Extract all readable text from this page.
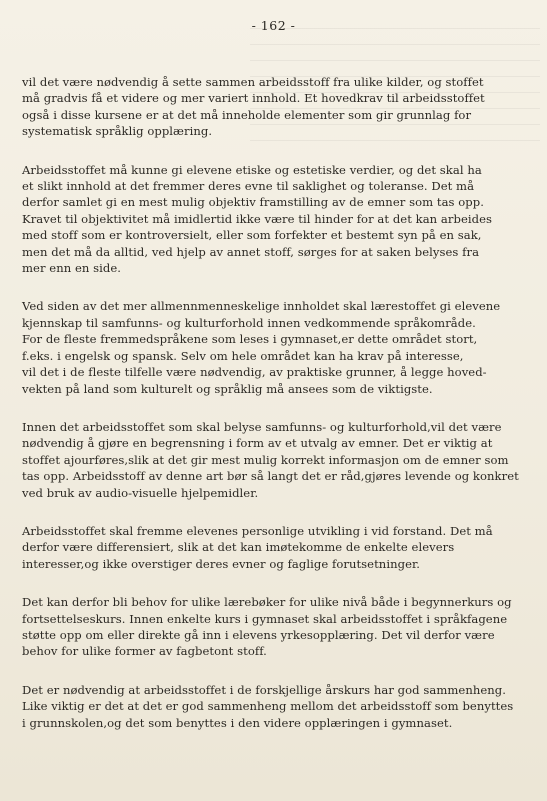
- 162 -

vil det være nødvendig å sette sammen arbeidsstoff fra ulike kilder, og stoffet
må gradvis få et videre og mer variert innhold. Et hovedkrav til arbeidsstoffet
også i disse kursene er at det må inneholde elementer som gir grunnlag for
systematisk språklig opplæring.

Arbeidsstoffet må kunne gi elevene etiske og estetiske verdier, og det skal ha
et slikt innhold at det fremmer deres evne til saklighet og toleranse. Det må
derfor samlet gi en mest mulig objektiv framstilling av de emner som tas opp.
Kravet til objektivitet må imidlertid ikke være til hinder for at det kan arbeides
med stoff som er kontroversielt, eller som forfekter et bestemt syn på en sak,
men det må da alltid, ved hjelp av annet stoff, sørges for at saken belyses fra
mer enn en side.

Ved siden av det mer allmennmenneskelige innholdet skal lærestoffet gi elevene
kjennskap til samfunns- og kulturforhold innen vedkommende språkområde.
For de fleste fremmedspråkene som leses i gymnaset,er dette området stort,
f.eks. i engelsk og spansk. Selv om hele området kan ha krav på interesse,
vil det i de fleste tilfelle være nødvendig, av praktiske grunner, å legge hoved-
vekten på land som kulturelt og språklig må ansees som de viktigste.

Innen det arbeidsstoffet som skal belyse samfunns- og kulturforhold,vil det være
nødvendig å gjøre en begrensning i form av et utvalg av emner. Det er viktig at
stoffet ajourføres,slik at det gir mest mulig korrekt informasjon om de emner som
tas opp. Arbeidsstoff av denne art bør så langt det er råd,gjøres levende og konkret
ved bruk av audio-visuelle hjelpemidler.

Arbeidsstoffet skal fremme elevenes personlige utvikling i vid forstand. Det må
derfor være differensiert, slik at det kan imøtekomme de enkelte elevers
interesser,og ikke overstiger deres evner og faglige forutsetninger.

Det kan derfor bli behov for ulike lærebøker for ulike nivå både i begynnerkurs og
fortsettelseskurs. Innen enkelte kurs i gymnaset skal arbeidsstoffet i språkfagene
støtte opp om eller direkte gå inn i elevens yrkesopplæring. Det vil derfor være
behov for ulike former av fagbetont stoff.

Det er nødvendig at arbeidsstoffet i de forskjellige årskurs har god sammenheng.
Like viktig er det at det er god sammenheng mellom det arbeidsstoff som benyttes
i grunnskolen,og det som benyttes i den videre opplæringen i gymnaset.
